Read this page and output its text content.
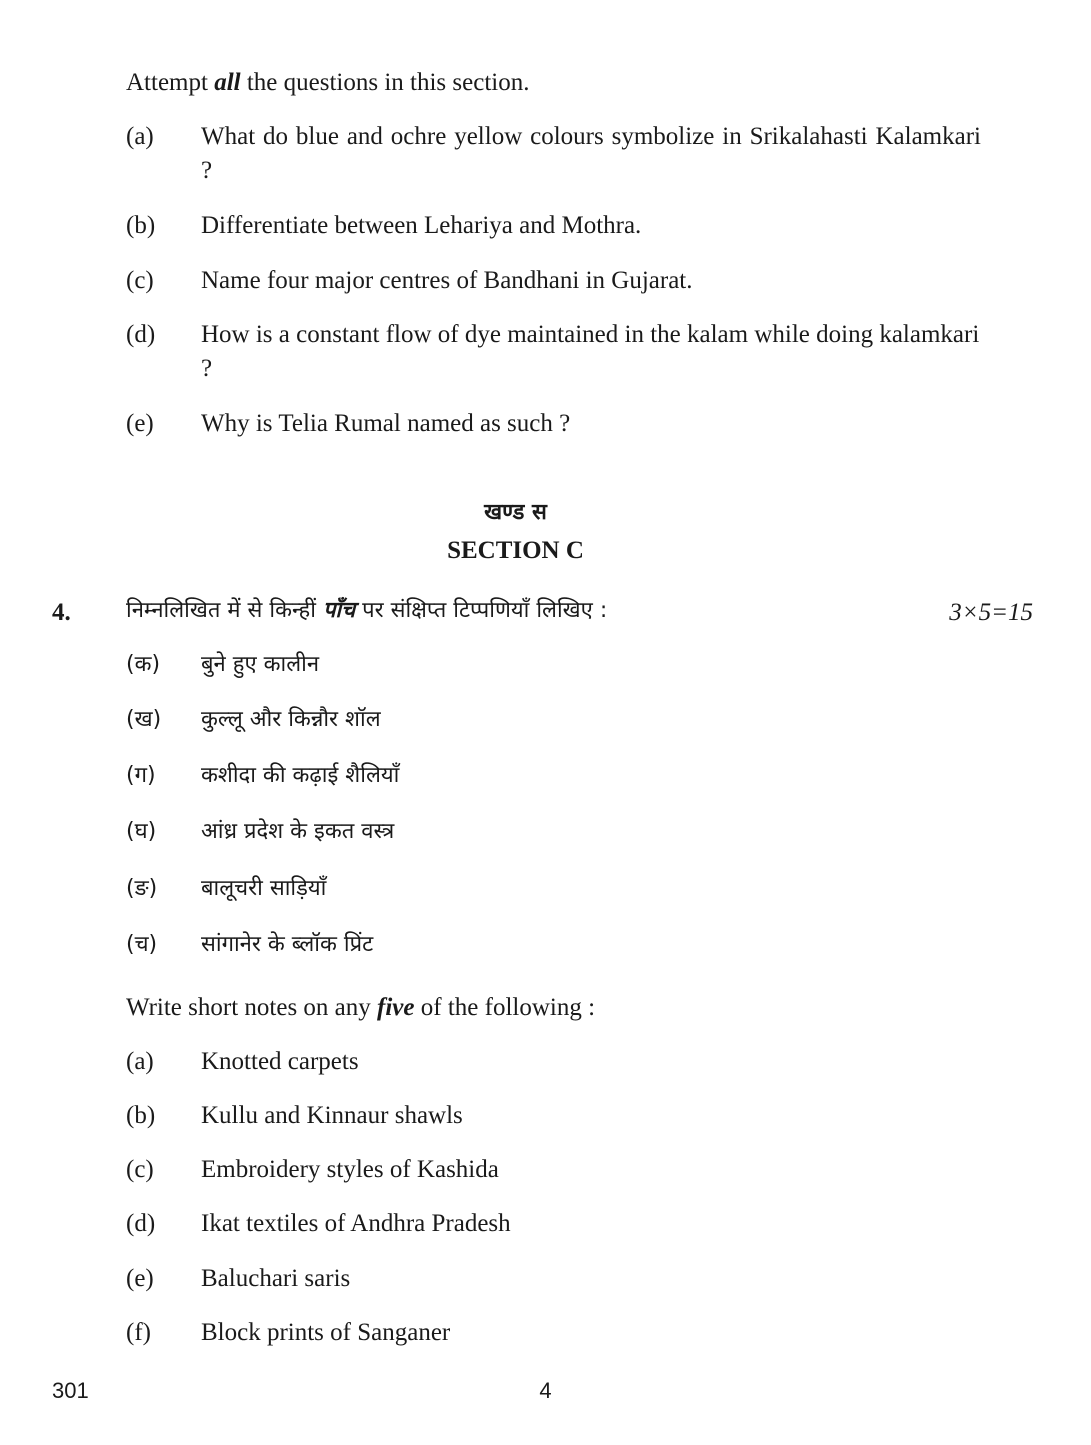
Attempt all the questions in this section.
(a)	What do blue and ochre yellow colours symbolize in Srikalahasti Kalamkari ?
(b)	Differentiate between Lehariya and Mothra.
(c)	Name four major centres of Bandhani in Gujarat.
(d)	How is a constant flow of dye maintained in the kalam while doing kalamkari ?
(e)	Why is Telia Rumal named as such ?
खण्ड स
SECTION C
4.	निम्नलिखित में से किन्हीं पाँच पर संक्षिप्त टिप्पणियाँ लिखिए :	3×5=15
(क)	बुने हुए कालीन
(ख)	कुल्लू और किन्नौर शॉल
(ग)	कशीदा की कढ़ाई शैलियाँ
(घ)	आंध्र प्रदेश के इकत वस्त्र
(ङ)	बालूचरी साड़ियाँ
(च)	सांगानेर के ब्लॉक प्रिंट
Write short notes on any five of the following :
(a)	Knotted carpets
(b)	Kullu and Kinnaur shawls
(c)	Embroidery styles of Kashida
(d)	Ikat textiles of Andhra Pradesh
(e)	Baluchari saris
(f)	Block prints of Sanganer
301	4
